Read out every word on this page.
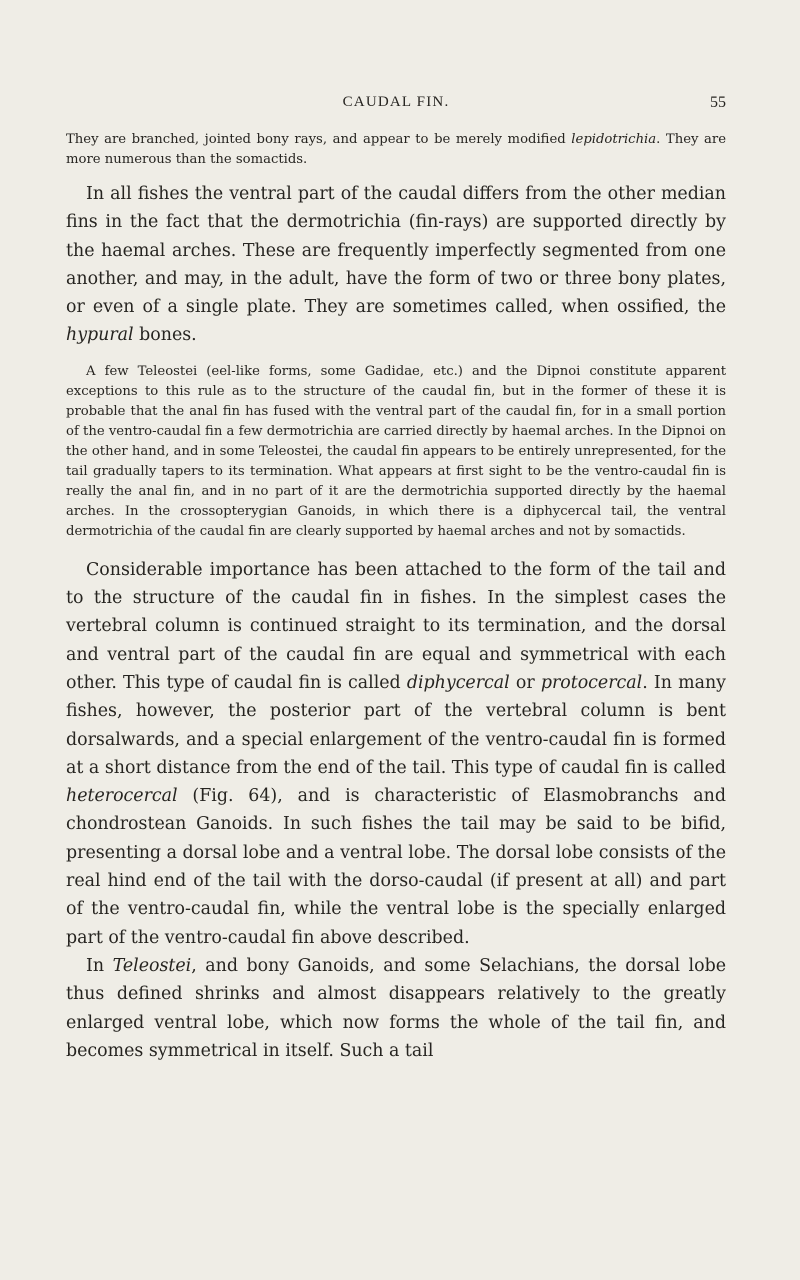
CAUDAL FIN.	55

They are branched, jointed bony rays, and appear to be merely modified lepidotrichia. They are more numerous than the somactids.

In all fishes the ventral part of the caudal differs from the other median fins in the fact that the dermotrichia (fin-rays) are supported directly by the haemal arches. These are frequently imperfectly segmented from one another, and may, in the adult, have the form of two or three bony plates, or even of a single plate. They are sometimes called, when ossified, the hypural bones.

A few Teleostei (eel-like forms, some Gadidae, etc.) and the Dipnoi constitute apparent exceptions to this rule as to the structure of the caudal fin, but in the former of these it is probable that the anal fin has fused with the ventral part of the caudal fin, for in a small portion of the ventro-caudal fin a few dermotrichia are carried directly by haemal arches. In the Dipnoi on the other hand, and in some Teleostei, the caudal fin appears to be entirely unrepresented, for the tail gradually tapers to its termination. What appears at first sight to be the ventro-caudal fin is really the anal fin, and in no part of it are the dermotrichia supported directly by the haemal arches. In the crossopterygian Ganoids, in which there is a diphycercal tail, the ventral dermotrichia of the caudal fin are clearly supported by haemal arches and not by somactids.

Considerable importance has been attached to the form of the tail and to the structure of the caudal fin in fishes. In the simplest cases the vertebral column is continued straight to its termination, and the dorsal and ventral part of the caudal fin are equal and symmetrical with each other. This type of caudal fin is called diphycercal or protocercal. In many fishes, however, the posterior part of the vertebral column is bent dorsalwards, and a special enlargement of the ventro-caudal fin is formed at a short distance from the end of the tail. This type of caudal fin is called heterocercal (Fig. 64), and is characteristic of Elasmobranchs and chondrostean Ganoids. In such fishes the tail may be said to be bifid, presenting a dorsal lobe and a ventral lobe. The dorsal lobe consists of the real hind end of the tail with the dorso-caudal (if present at all) and part of the ventro-caudal fin, while the ventral lobe is the specially enlarged part of the ventro-caudal fin above described.

In Teleostei, and bony Ganoids, and some Selachians, the dorsal lobe thus defined shrinks and almost disappears relatively to the greatly enlarged ventral lobe, which now forms the whole of the tail fin, and becomes symmetrical in itself. Such a tail
